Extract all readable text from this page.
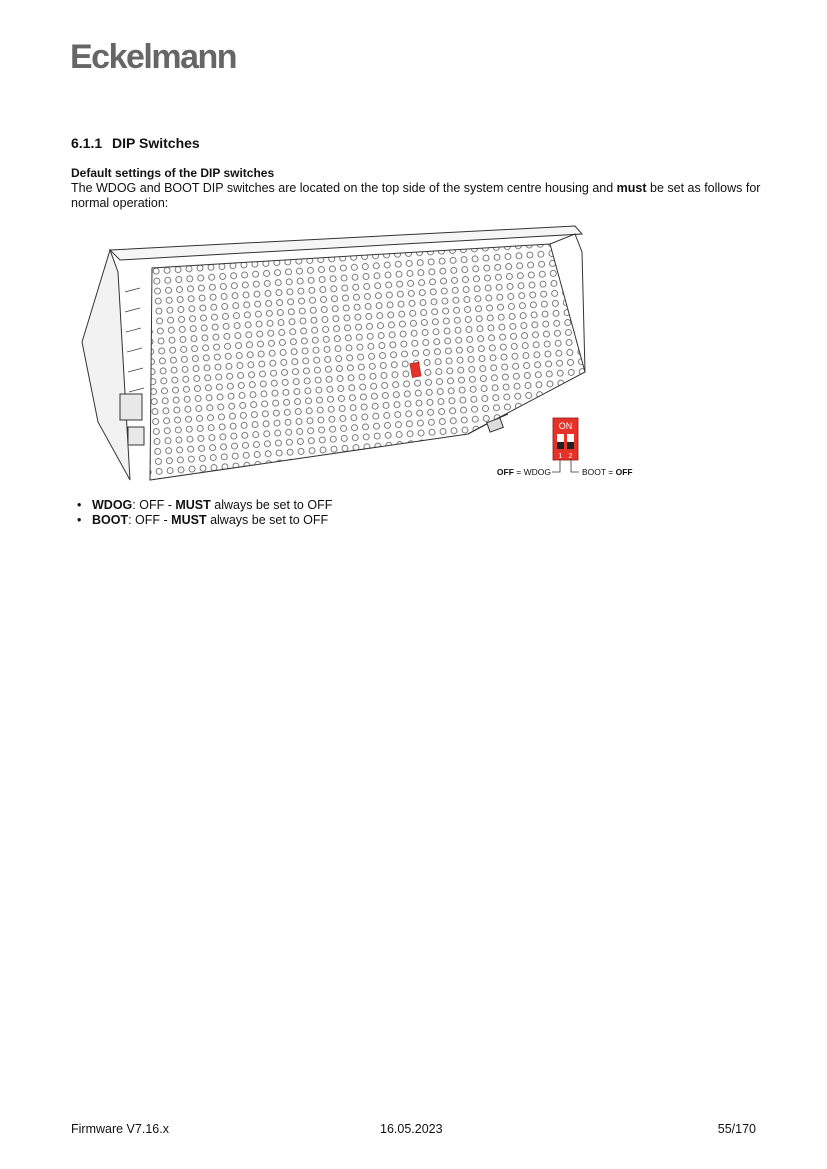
Eckelmann
6.1.1 DIP Switches
Default settings of the DIP switches

The WDOG and BOOT DIP switches are located on the top side of the system centre housing and must be set as follows for normal operation:

ON
1 2
OFF = WDOG	BOOT = OFF
• WDOG: OFF - MUST always be set to OFF
• BOOT: OFF - MUST always be set to OFF
Firmware V7.16.x	16.05.2023	55/170
